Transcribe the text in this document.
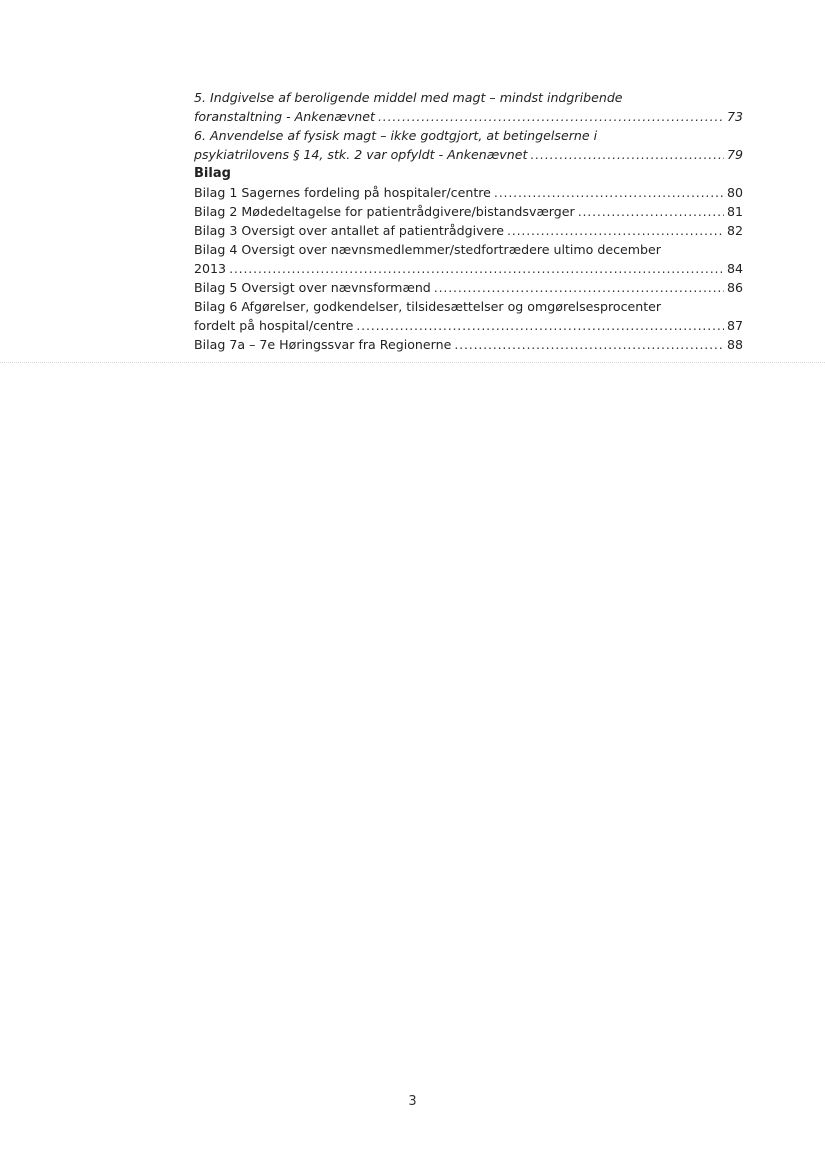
5. Indgivelse af beroligende middel med magt – mindst indgribende
foranstaltning - Ankenævnet . . .	73
6. Anvendelse af fysisk magt – ikke godtgjort, at betingelserne i
psykiatrilovens § 14, stk. 2 var opfyldt - Ankenævnet . . .	79
Bilag
Bilag 1 Sagernes fordeling på hospitaler/centre . . .	80
Bilag 2 Mødedeltagelse for patientrådgivere/bistandsværger . . .	81
Bilag 3 Oversigt over antallet af patientrådgivere . . .	82
Bilag 4 Oversigt over nævnsmedlemmer/stedfortrædere ultimo december
2013 . . .	84
Bilag 5 Oversigt over nævnsformænd . . .	86
Bilag 6 Afgørelser, godkendelser, tilsidesættelser og omgørelsesprocenter
fordelt på hospital/centre . . .	87
Bilag 7a – 7e Høringssvar fra Regionerne . . .	88
3
